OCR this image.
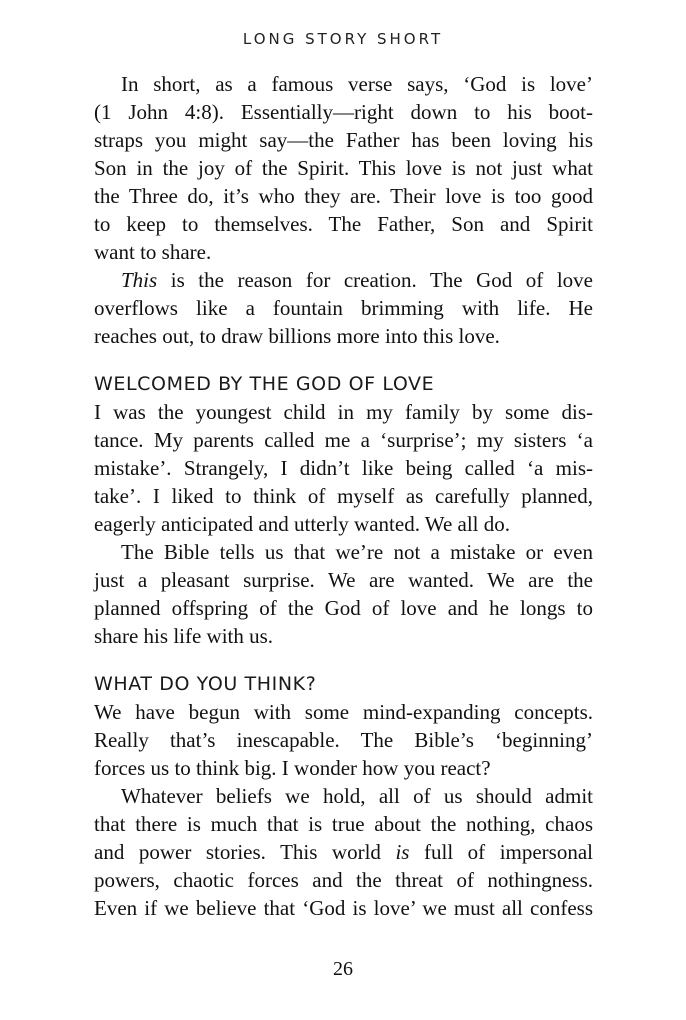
LONG STORY SHORT
In short, as a famous verse says, ‘God is love’
(1 John 4:8). Essentially—right down to his boot-
straps you might say—the Father has been loving his
Son in the joy of the Spirit. This love is not just what
the Three do, it’s who they are. Their love is too good
to keep to themselves. The Father, Son and Spirit
want to share.
This is the reason for creation. The God of love
overflows like a fountain brimming with life. He
reaches out, to draw billions more into this love.
WELCOMED BY THE GOD OF LOVE
I was the youngest child in my family by some dis-
tance. My parents called me a ‘surprise’; my sisters ‘a
mistake’. Strangely, I didn’t like being called ‘a mis-
take’. I liked to think of myself as carefully planned,
eagerly anticipated and utterly wanted. We all do.
The Bible tells us that we’re not a mistake or even
just a pleasant surprise. We are wanted. We are the
planned offspring of the God of love and he longs to
share his life with us.
WHAT DO YOU THINK?
We have begun with some mind-expanding concepts.
Really that’s inescapable. The Bible’s ‘beginning’
forces us to think big. I wonder how you react?
Whatever beliefs we hold, all of us should admit
that there is much that is true about the nothing, chaos
and power stories. This world is full of impersonal
powers, chaotic forces and the threat of nothingness.
Even if we believe that ‘God is love’ we must all confess
26
